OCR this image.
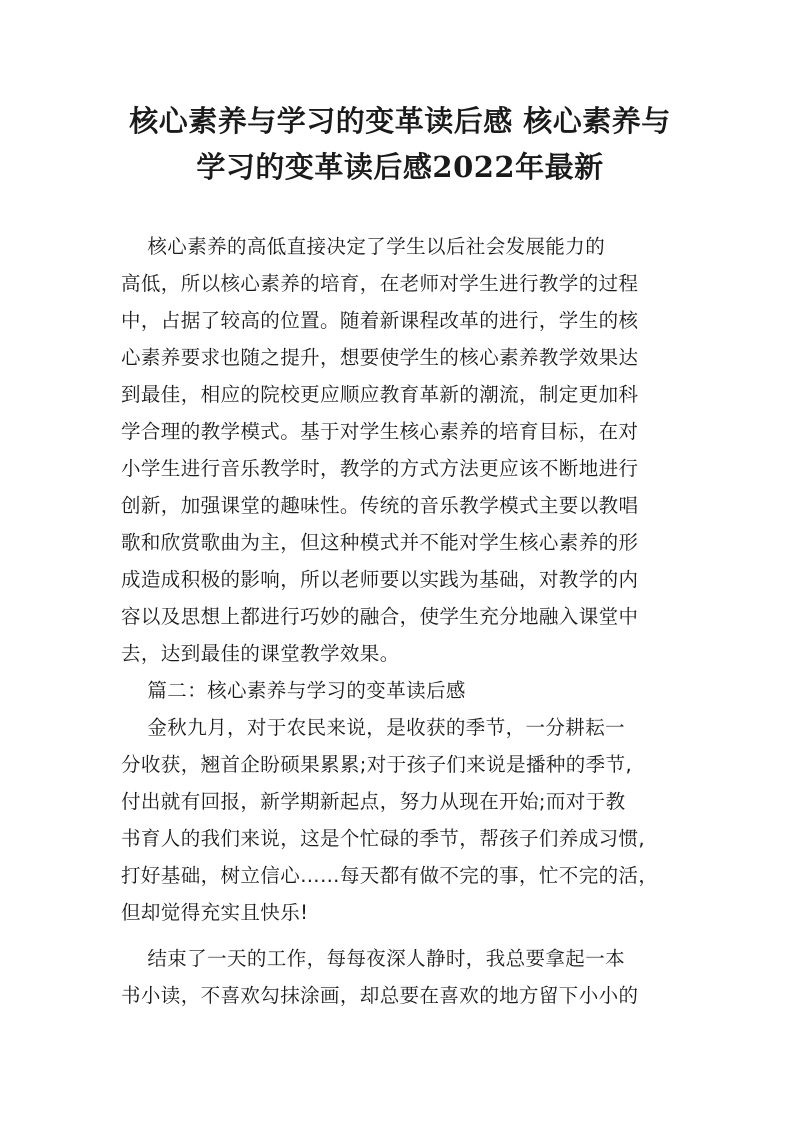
核心素养与学习的变革读后感 核心素养与
学习的变革读后感2022年最新
核心素养的高低直接决定了学生以后社会发展能力的
高低，所以核心素养的培育，在老师对学生进行教学的过程
中，占据了较高的位置。随着新课程改革的进行，学生的核
心素养要求也随之提升，想要使学生的核心素养教学效果达
到最佳，相应的院校更应顺应教育革新的潮流，制定更加科
学合理的教学模式。基于对学生核心素养的培育目标，在对
小学生进行音乐教学时，教学的方式方法更应该不断地进行
创新，加强课堂的趣味性。传统的音乐教学模式主要以教唱
歌和欣赏歌曲为主，但这种模式并不能对学生核心素养的形
成造成积极的影响，所以老师要以实践为基础，对教学的内
容以及思想上都进行巧妙的融合，使学生充分地融入课堂中
去，达到最佳的课堂教学效果。
篇二：核心素养与学习的变革读后感
金秋九月，对于农民来说，是收获的季节，一分耕耘一
分收获，翘首企盼硕果累累;对于孩子们来说是播种的季节,
付出就有回报，新学期新起点，努力从现在开始;而对于教
书育人的我们来说，这是个忙碌的季节，帮孩子们养成习惯,
打好基础，树立信心……每天都有做不完的事，忙不完的活，
但却觉得充实且快乐!
结束了一天的工作，每每夜深人静时，我总要拿起一本
书小读，不喜欢勾抹涂画，却总要在喜欢的地方留下小小的
